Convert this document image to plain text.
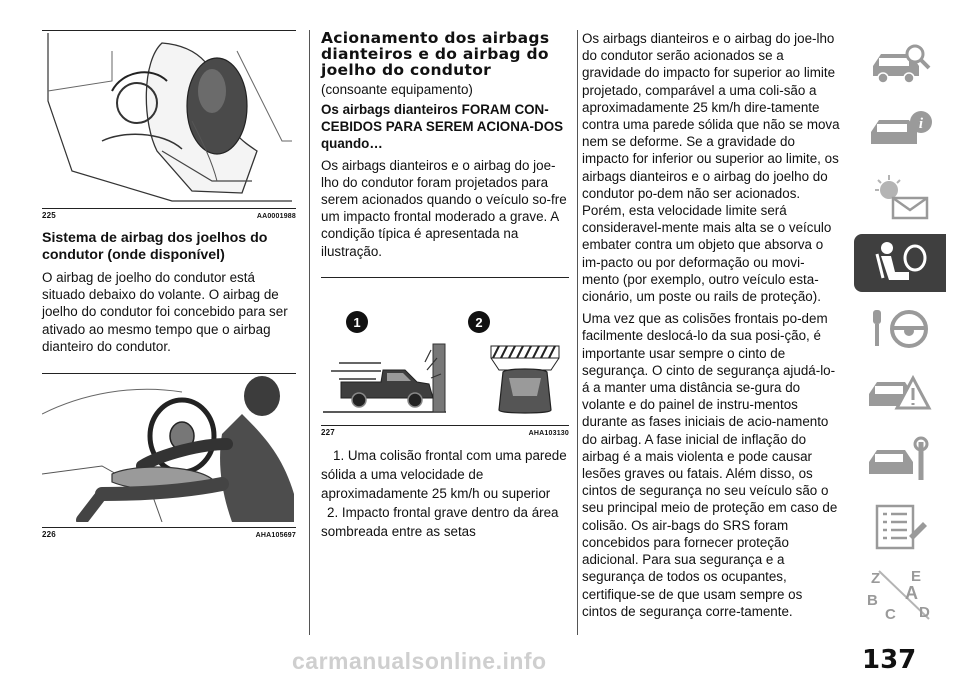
225	AA0001988
Sistema de airbag dos joelhos do condutor (onde disponível)

O airbag de joelho do condutor está situado debaixo do volante. O airbag de joelho do condutor foi concebido para ser ativado ao mesmo tempo que o airbag dianteiro do condutor.

226	AHA105697
Acionamento dos airbags dianteiros e do airbag do joelho do condutor
(consoante equipamento)
Os airbags dianteiros FORAM CON-CEBIDOS PARA SEREM ACIONA-DOS quando…

Os airbags dianteiros e o airbag do joe-lho do condutor foram projetados para serem acionados quando o veículo so-fre um impacto frontal moderado a grave. A condição típica é apresentada na ilustração.

1	2
227	AHA103130
1. Uma colisão frontal com uma parede sólida a uma velocidade de aproximadamente 25 km/h ou superior 2. Impacto frontal grave dentro da área sombreada entre as setas

Os airbags dianteiros e o airbag do joe-lho do condutor serão acionados se a gravidade do impacto for superior ao limite projetado, comparável a uma coli-são a aproximadamente 25 km/h dire-tamente contra uma parede sólida que não se mova nem se deforme. Se a gravidade do impacto for inferior ou superior ao limite, os airbags dianteiros e o airbag do joelho do condutor po-dem não ser acionados. Porém, esta velocidade limite será consideravel-mente mais alta se o veículo embater contra um objeto que absorva o im-pacto ou por deformação ou movi-mento (por exemplo, outro veículo esta-cionário, um poste ou rails de proteção).

Uma vez que as colisões frontais po-dem facilmente deslocá-lo da sua posi-ção, é importante usar sempre o cinto de segurança. O cinto de segurança ajudá-lo-á a manter uma distância se-gura do volante e do painel de instru-mentos durante as fases iniciais de acio-namento do airbag. A fase inicial de inflação do airbag é a mais violenta e pode causar lesões graves ou fatais. Além disso, os cintos de segurança no seu veículo são o seu principal meio de proteção em caso de colisão. Os air-bags do SRS foram concebidos para fornecer proteção adicional. Para sua segurança e a segurança de todos os ocupantes, certifique-se de que usam sempre os cintos de segurança corre-tamente.

i
Z E
A
B
C D
137
carmanualsonline.info
